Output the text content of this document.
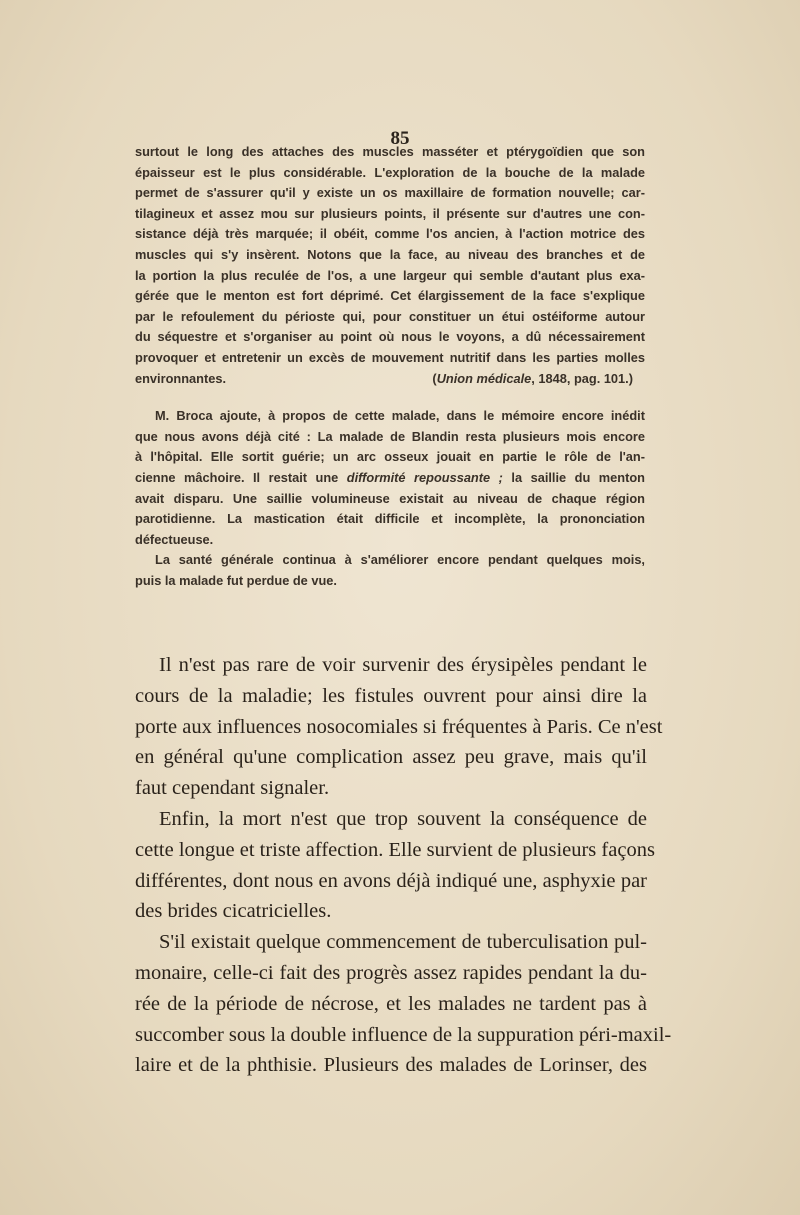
85

surtout le long des attaches des muscles masséter et ptérygoïdien que son
épaisseur est le plus considérable. L'exploration de la bouche de la malade
permet de s'assurer qu'il y existe un os maxillaire de formation nouvelle; car-
tilagineux et assez mou sur plusieurs points, il présente sur d'autres une con-
sistance déjà très marquée; il obéit, comme l'os ancien, à l'action motrice des
muscles qui s'y insèrent. Notons que la face, au niveau des branches et de
la portion la plus reculée de l'os, a une largeur qui semble d'autant plus exa-
gérée que le menton est fort déprimé. Cet élargissement de la face s'explique
par le refoulement du périoste qui, pour constituer un étui ostéiforme autour
du séquestre et s'organiser au point où nous le voyons, a dû nécessairement
provoquer et entretenir un excès de mouvement nutritif dans les parties molles
environnantes.	(Union médicale, 1848, pag. 101.)

M. Broca ajoute, à propos de cette malade, dans le mémoire encore inédit
que nous avons déjà cité : La malade de Blandin resta plusieurs mois encore
à l'hôpital. Elle sortit guérie; un arc osseux jouait en partie le rôle de l'an-
cienne mâchoire. Il restait une difformité repoussante ; la saillie du menton
avait disparu. Une saillie volumineuse existait au niveau de chaque région
parotidienne. La mastication était difficile et incomplète, la prononciation
défectueuse.

La santé générale continua à s'améliorer encore pendant quelques mois,
puis la malade fut perdue de vue.

Il n'est pas rare de voir survenir des érysipèles pendant le
cours de la maladie; les fistules ouvrent pour ainsi dire la
porte aux influences nosocomiales si fréquentes à Paris. Ce n'est
en général qu'une complication assez peu grave, mais qu'il
faut cependant signaler.

Enfin, la mort n'est que trop souvent la conséquence de
cette longue et triste affection. Elle survient de plusieurs façons
différentes, dont nous en avons déjà indiqué une, asphyxie par
des brides cicatricielles.

S'il existait quelque commencement de tuberculisation pul-
monaire, celle-ci fait des progrès assez rapides pendant la du-
rée de la période de nécrose, et les malades ne tardent pas à
succomber sous la double influence de la suppuration péri-maxil-
laire et de la phthisie. Plusieurs des malades de Lorinser, des
